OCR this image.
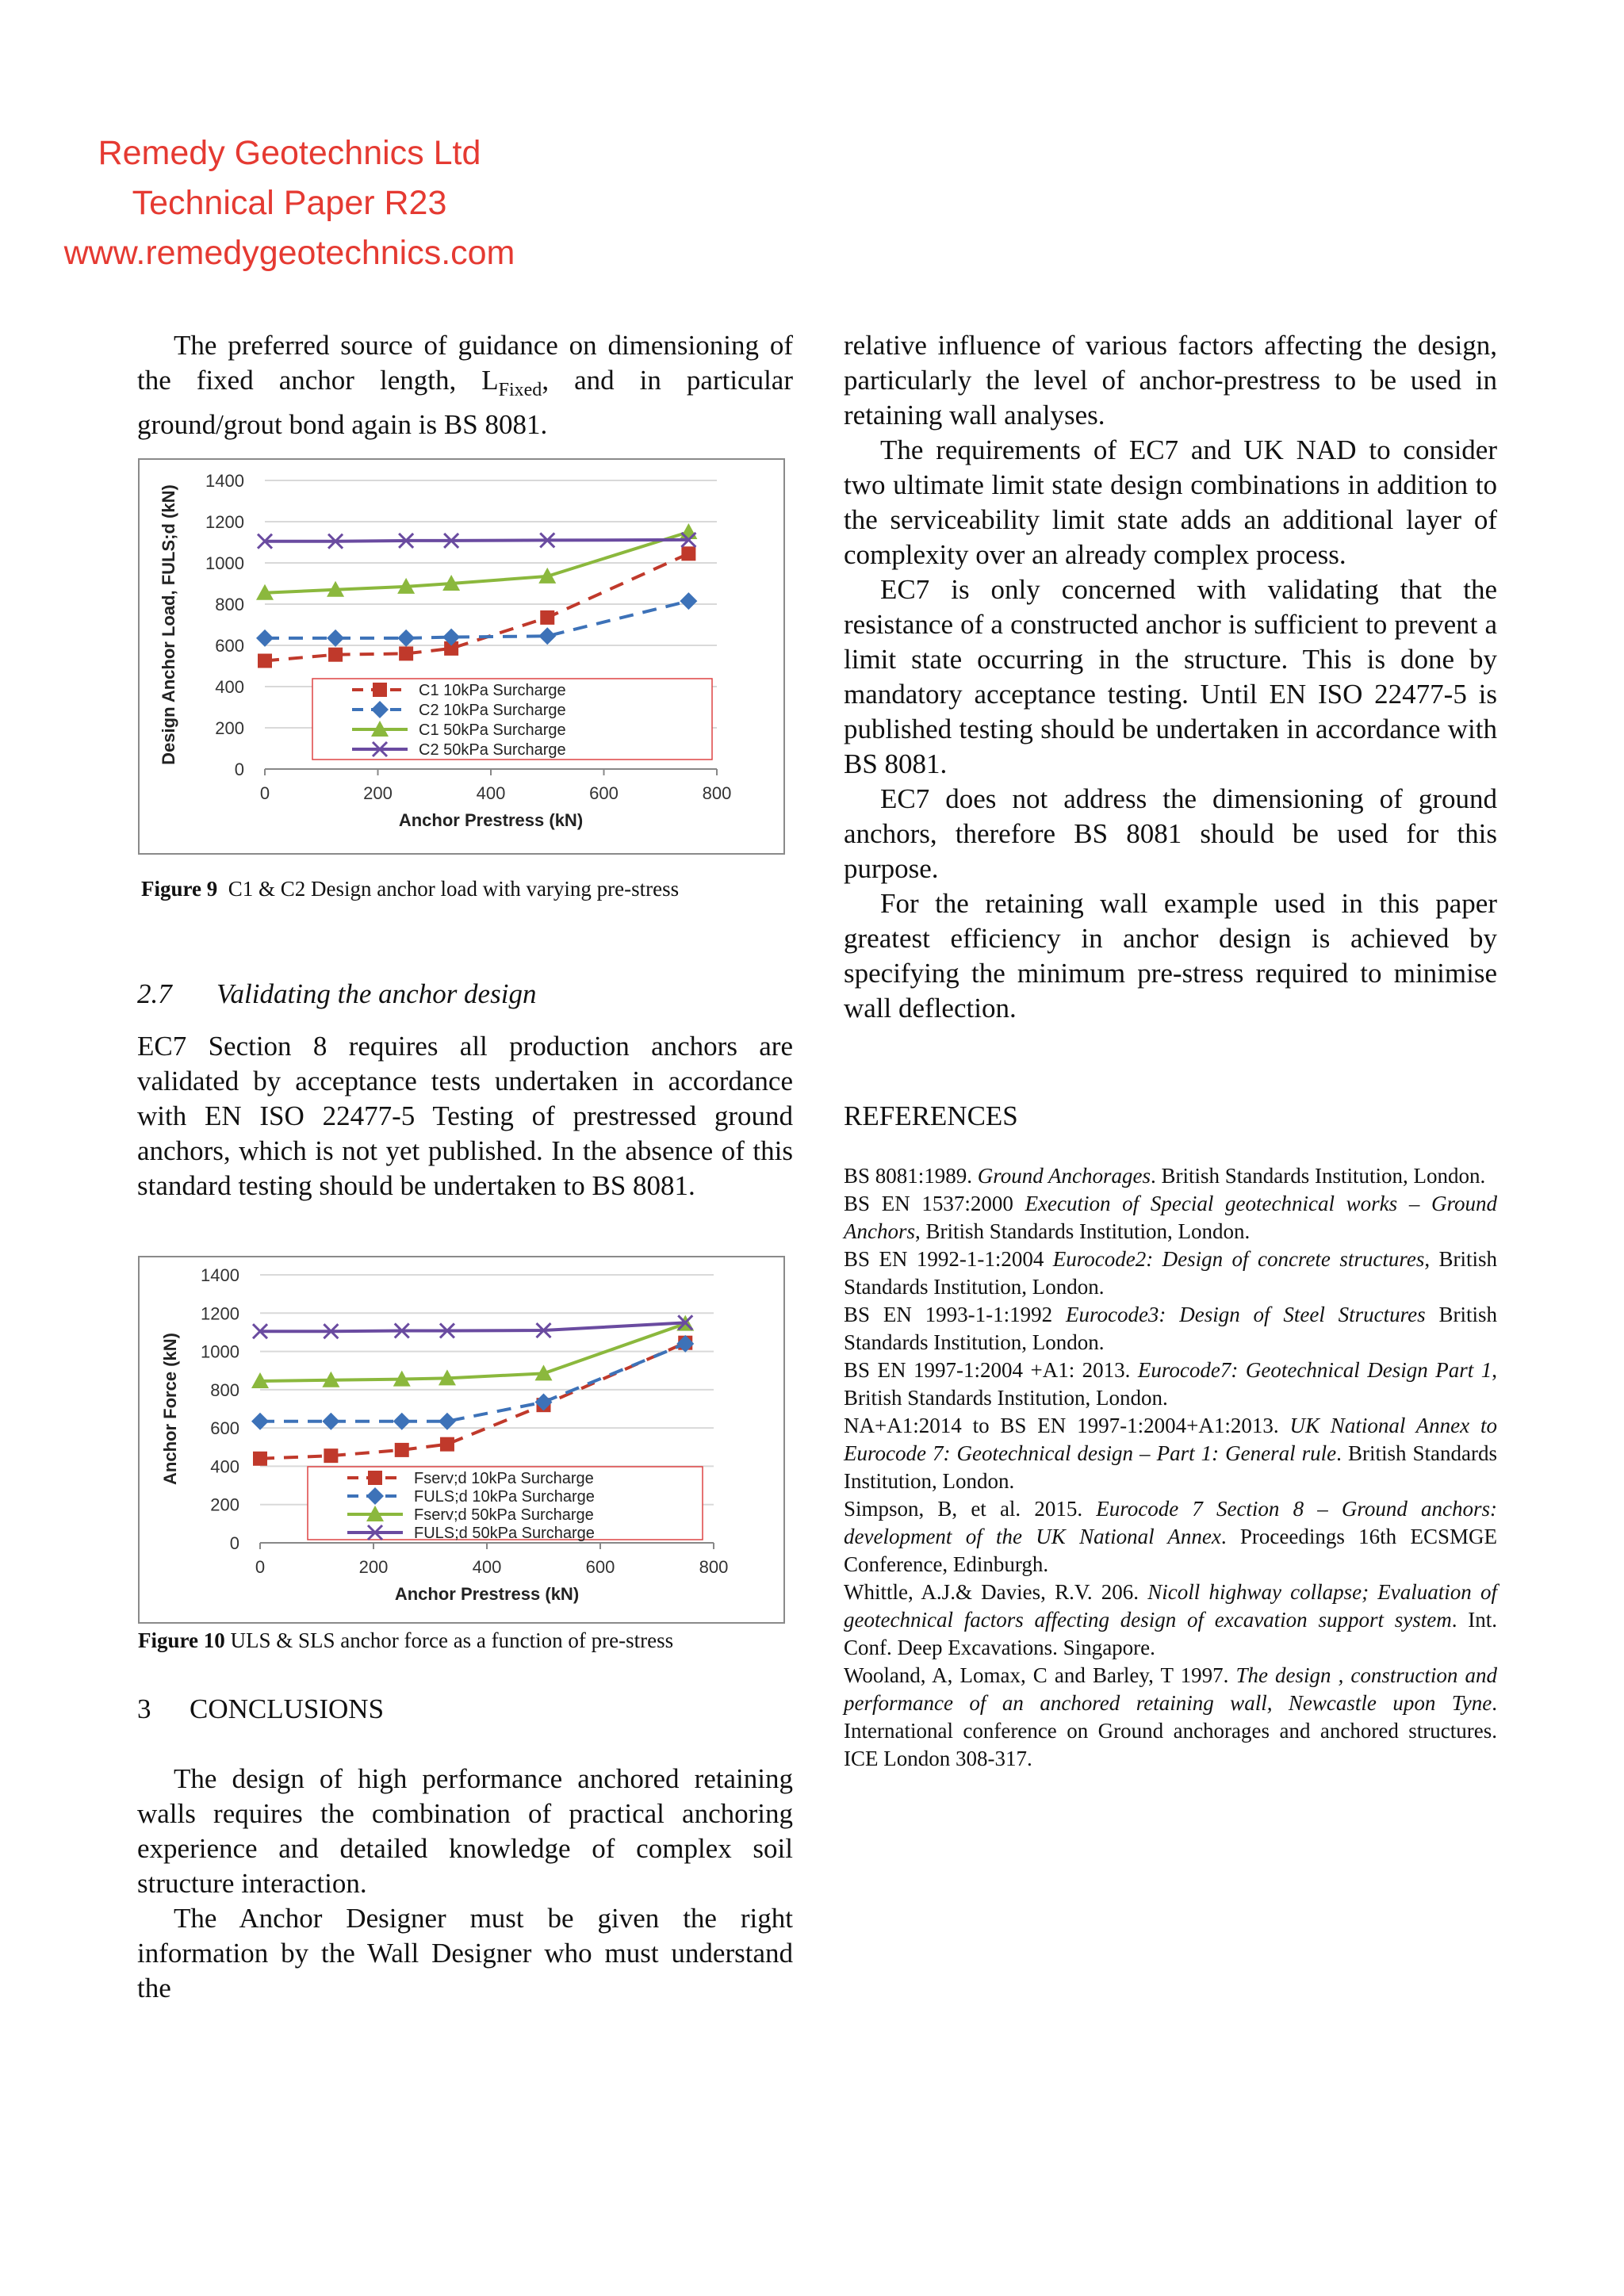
Remedy Geotechnics Ltd
Technical Paper R23
www.remedygeotechnics.com

The preferred source of guidance on dimensioning of the fixed anchor length, $L_{Fixed}$, and in particular ground/grout bond again is BS 8081.

0
200
400
600
800
1000
1200
1400
0	200	400	600	800
Anchor Prestress (kN)
Design Anchor Load, FULS;d (kN)	C1 10kPa Surcharge
C2 10kPa Surcharge
C1 50kPa Surcharge
C2 50kPa Surcharge
Figure 9 C1 & C2 Design anchor load with varying pre-stress

2.7 Validating the anchor design

EC7 Section 8 requires all production anchors are validated by acceptance tests undertaken in accordance with EN ISO 22477-5 Testing of prestressed ground anchors, which is not yet published. In the absence of this standard testing should be undertaken to BS 8081.

0
200
400
600
800
1000
1200
1400
0	200	400	600	800
Anchor Prestress (kN)
Anchor Force (kN)	Fserv;d 10kPa Surcharge
FULS;d 10kPa Surcharge
Fserv;d 50kPa Surcharge
FULS;d 50kPa Surcharge
Figure 10 ULS & SLS anchor force as a function of pre-stress

3 CONCLUSIONS

The design of high performance anchored retaining walls requires the combination of practical anchoring experience and detailed knowledge of complex soil structure interaction.

The Anchor Designer must be given the right information by the Wall Designer who must understand the

relative influence of various factors affecting the design, particularly the level of anchor-prestress to be used in retaining wall analyses.

The requirements of EC7 and UK NAD to consider two ultimate limit state design combinations in addition to the serviceability limit state adds an additional layer of complexity over an already complex process.

EC7 is only concerned with validating that the resistance of a constructed anchor is sufficient to prevent a limit state occurring in the structure. This is done by mandatory acceptance testing. Until EN ISO 22477-5 is published testing should be undertaken in accordance with BS 8081.

EC7 does not address the dimensioning of ground anchors, therefore BS 8081 should be used for this purpose.

For the retaining wall example used in this paper greatest efficiency in anchor design is achieved by specifying the minimum pre-stress required to minimise wall deflection.

REFERENCES

BS 8081:1989. Ground Anchorages. British Standards Institution, London.

BS EN 1537:2000 Execution of Special geotechnical works – Ground Anchors, British Standards Institution, London.

BS EN 1992-1-1:2004 Eurocode2: Design of concrete structures, British Standards Institution, London.

BS EN 1993-1-1:1992 Eurocode3: Design of Steel Structures British Standards Institution, London.

BS EN 1997-1:2004 +A1: 2013. Eurocode7: Geotechnical Design Part 1, British Standards Institution, London.

NA+A1:2014 to BS EN 1997-1:2004+A1:2013. UK National Annex to Eurocode 7: Geotechnical design – Part 1: General rule. British Standards Institution, London.

Simpson, B, et al. 2015. Eurocode 7 Section 8 – Ground anchors: development of the UK National Annex. Proceedings 16th ECSMGE Conference, Edinburgh.

Whittle, A.J.& Davies, R.V. 206. Nicoll highway collapse; Evaluation of geotechnical factors affecting design of excavation support system. Int. Conf. Deep Excavations. Singapore.

Wooland, A, Lomax, C and Barley, T 1997. The design , construction and performance of an anchored retaining wall, Newcastle upon Tyne. International conference on Ground anchorages and anchored structures. ICE London 308-317.
